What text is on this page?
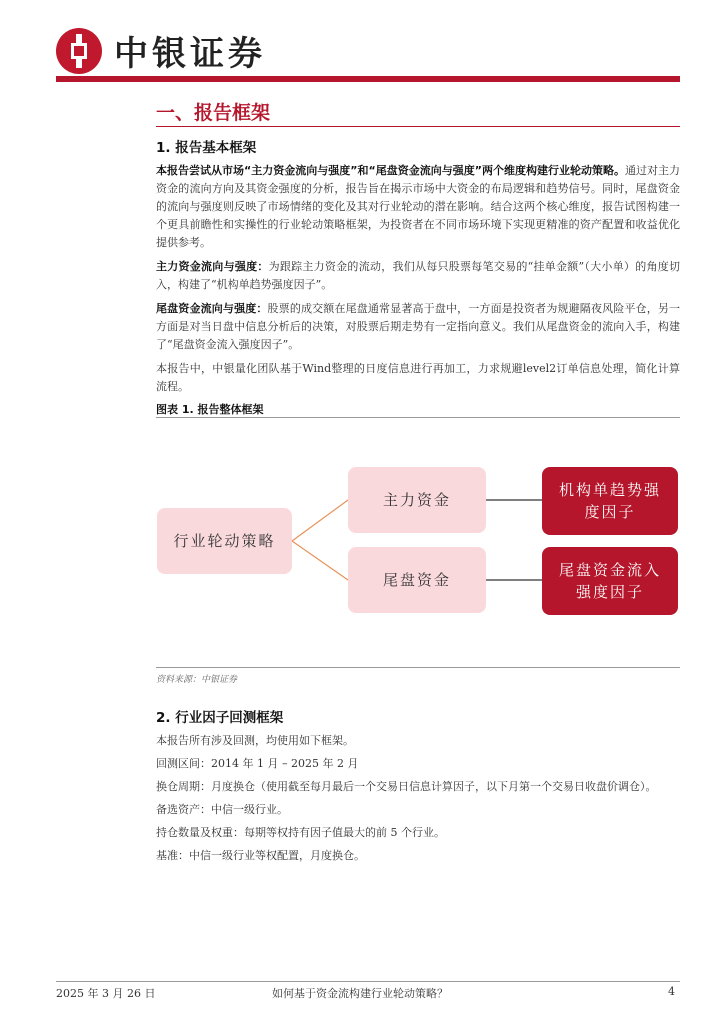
中银证券
一、报告框架
1. 报告基本框架
本报告尝试从市场“主力资金流向与强度”和“尾盘资金流向与强度”两个维度构建行业轮动策略。通过对主力资金的流向方向及其资金强度的分析，报告旨在揭示市场中大资金的布局逻辑和趋势信号。同时，尾盘资金的流向与强度则反映了市场情绪的变化及其对行业轮动的潜在影响。结合这两个核心维度，报告试图构建一个更具前瞻性和实操性的行业轮动策略框架，为投资者在不同市场环境下实现更精准的资产配置和收益优化提供参考。
主力资金流向与强度：为跟踪主力资金的流动，我们从每只股票每笔交易的“挂单金额”（大小单）的角度切入，构建了“机构单趋势强度因子”。
尾盘资金流向与强度：股票的成交额在尾盘通常显著高于盘中，一方面是投资者为规避隔夜风险平仓，另一方面是对当日盘中信息分析后的决策，对股票后期走势有一定指向意义。我们从尾盘资金的流向入手，构建了“尾盘资金流入强度因子”。
本报告中，中银量化团队基于Wind整理的日度信息进行再加工，力求规避level2订单信息处理，简化计算流程。
图表 1. 报告整体框架
行业轮动策略
主力资金
尾盘资金
机构单趋势强度因子
尾盘资金流入强度因子
资料来源：中银证券
2. 行业因子回测框架
本报告所有涉及回测，均使用如下框架。
回测区间：2014 年 1 月 – 2025 年 2 月
换仓周期：月度换仓（使用截至每月最后一个交易日信息计算因子，以下月第一个交易日收盘价调仓）。
备选资产：中信一级行业。
持仓数量及权重：每期等权持有因子值最大的前 5 个行业。
基准：中信一级行业等权配置，月度换仓。
2025 年 3 月 26 日	如何基于资金流构建行业轮动策略？	4
